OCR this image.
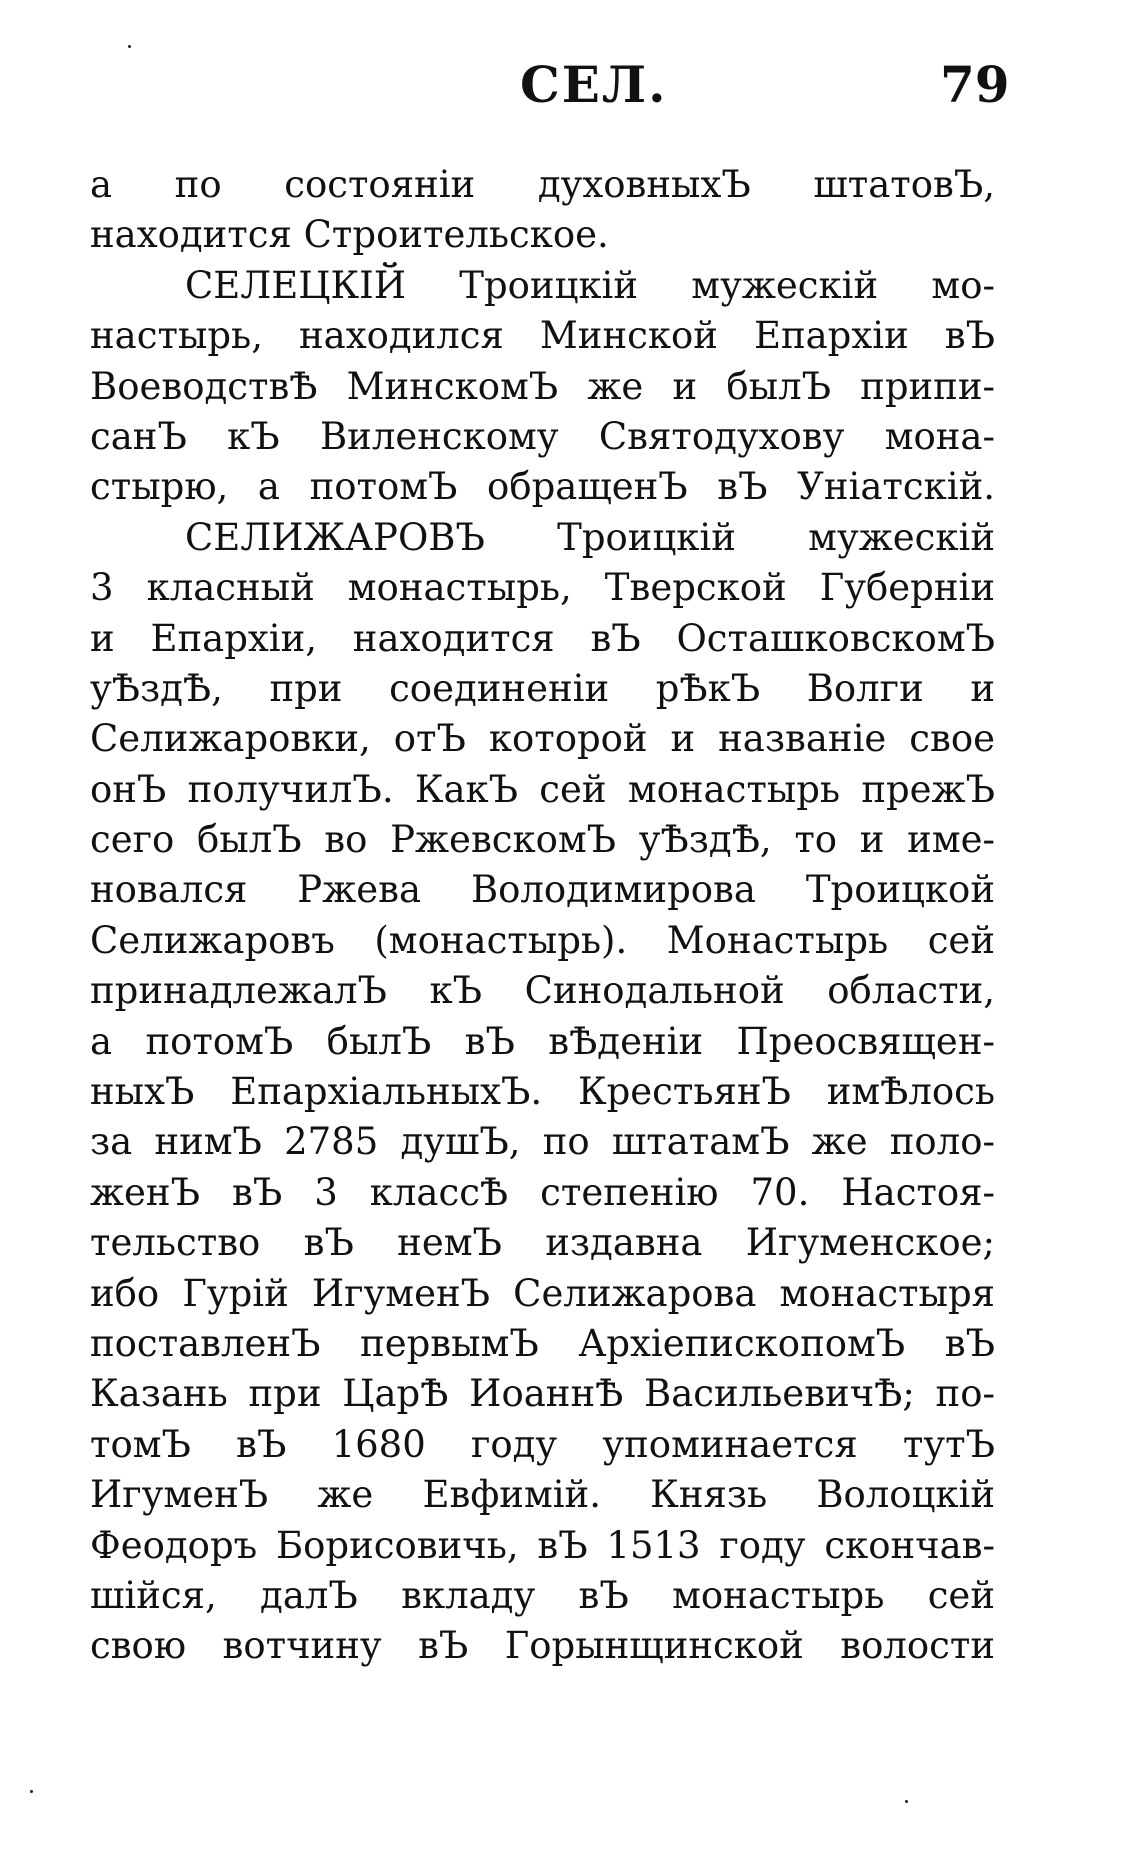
СЕЛ.	79
а по состоянiи духовныхЪ штатовЪ,
находится Строительское.
СЕЛЕЦКIЙ Троицкiй мужескiй мо-
настырь, находился Минской Епархiи вЪ
ВоеводствѢ МинскомЪ же и былЪ припи-
санЪ кЪ Виленскому Святодухову мона-
стырю, а потомЪ обращенЪ вЪ Унiатскiй.
СЕЛИЖАРОВЪ Троицкiй мужескiй
3 класный монастырь, Тверской Губернiи
и Епархiи, находится вЪ ОсташковскомЪ
уѢздѢ, при соединенiи рѢкЪ Волги и
Селижаровки, отЪ которой и названiе свое
онЪ получилЪ. КакЪ сей монастырь прежЪ
сего былЪ во РжевскомЪ уѢздѢ, то и име-
новался Ржева Володимирова Троицкой
Селижаровъ (монастырь). Монастырь сей
принадлежалЪ кЪ Синодальной области,
а потомЪ былЪ вЪ вѢденiи Преосвящен-
ныхЪ ЕпархiальныхЪ. КрестьянЪ имѢлось
за нимЪ 2785 душЪ, по штатамЪ же поло-
женЪ вЪ 3 классѢ степенiю 70. Настоя-
тельство вЪ немЪ издавна Игуменское;
ибо Гурiй ИгуменЪ Селижарова монастыря
поставленЪ первымЪ АрхiепископомЪ вЪ
Казань при ЦарѢ ИоаннѢ ВасильевичѢ; по-
томЪ вЪ 1680 году упоминается тутЪ
ИгуменЪ же Евфимiй. Князь Волоцкiй
Феодоръ Борисовичь, вЪ 1513 году скончав-
шiйся, далЪ вкладу вЪ монастырь сей
свою вотчину вЪ Горынщинской волости
